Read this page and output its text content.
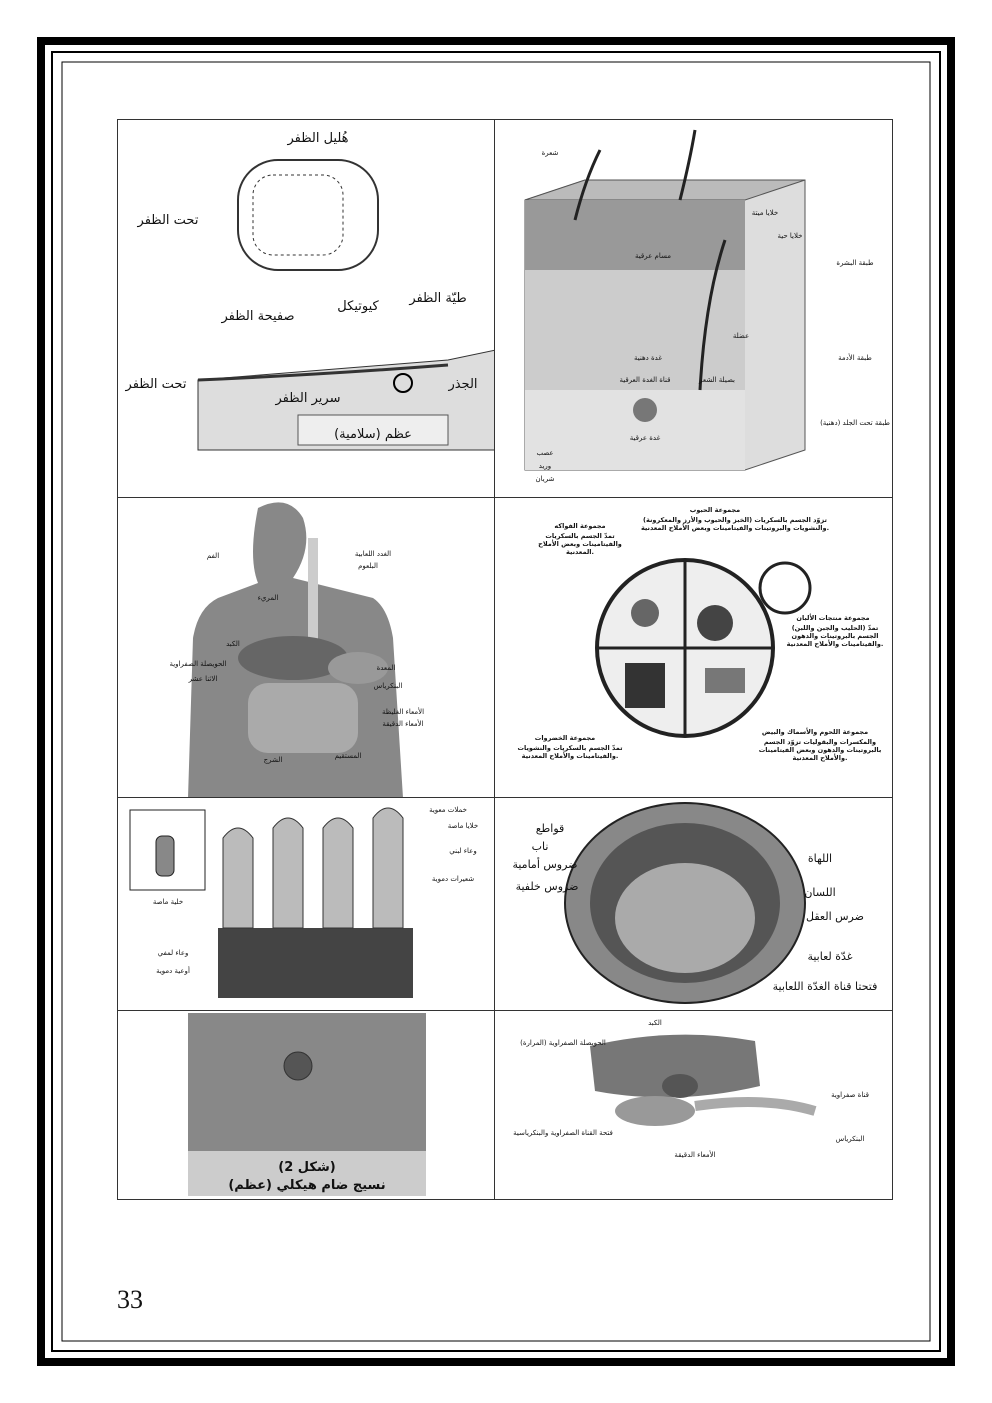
هُليل الظفر
تحت الظفر
صفيحة الظفر
كيوتيكل
طيّة الظفر
الجذر
تحت الظفر
سرير الظفر
عظم (سلامية)
شعرة
خلايا ميتة
خلايا حية
مسام عرقية
طبقة البشرة
عضلة
غدة دهنية	طبقة الأدمة
قناة الغدة العرقية	بصيلة الشعر
غدة عرقية
طبقة تحت الجلد (دهنية)
عصب
وريد
شريان
الفم	الغدد اللعابية
البلعوم
المريء
الكبد
الحويصلة الصفراوية
الاثنا عشر
المعدة
البنكرياس
الأمعاء الغليظة
الأمعاء الدقيقة
المستقيم
الشرج
مجموعة الحبوب
(الخبز والحبوب والأرز والمعكرونة) تزوّد الجسم بالسكريات والنشويات والبروتينات والفيتامينات وبعض الأملاح المعدنية.
مجموعة الفواكه
تمدّ الجسم بالسكريات والفيتامينات وبعض الأملاح المعدنية.
مجموعة منتجات الألبان
(الحليب والجبن واللبن) تمدّ الجسم بالبروتينات والدهون والفيتامينات والأملاح المعدنية.
مجموعة الخضروات
تمدّ الجسم بالسكريات والنشويات والفيتامينات والأملاح المعدنية.
مجموعة اللحوم والأسماك والبيض
والمكسرات والبقوليات تزوّد الجسم بالبروتينات والدهون وبعض الفيتامينات والأملاح المعدنية.
خملات معوية
خلايا ماصة
وعاء لبني
شعيرات دموية
وعاء لمفي
أوعية دموية
خلية ماصة
قواطع
ناب
ضروس أمامية
ضروس خلفية
اللهاة
اللسان
ضرس العقل
غدّة لعابية
فتحتا قناة الغدّة اللعابية
(شكل 2)
نسيج ضام هيكلي (عظم)
الكبد
الحويصلة الصفراوية (المرارة)
قناة صفراوية
فتحة القناة الصفراوية والبنكرياسية
البنكرياس
الأمعاء الدقيقة
33
